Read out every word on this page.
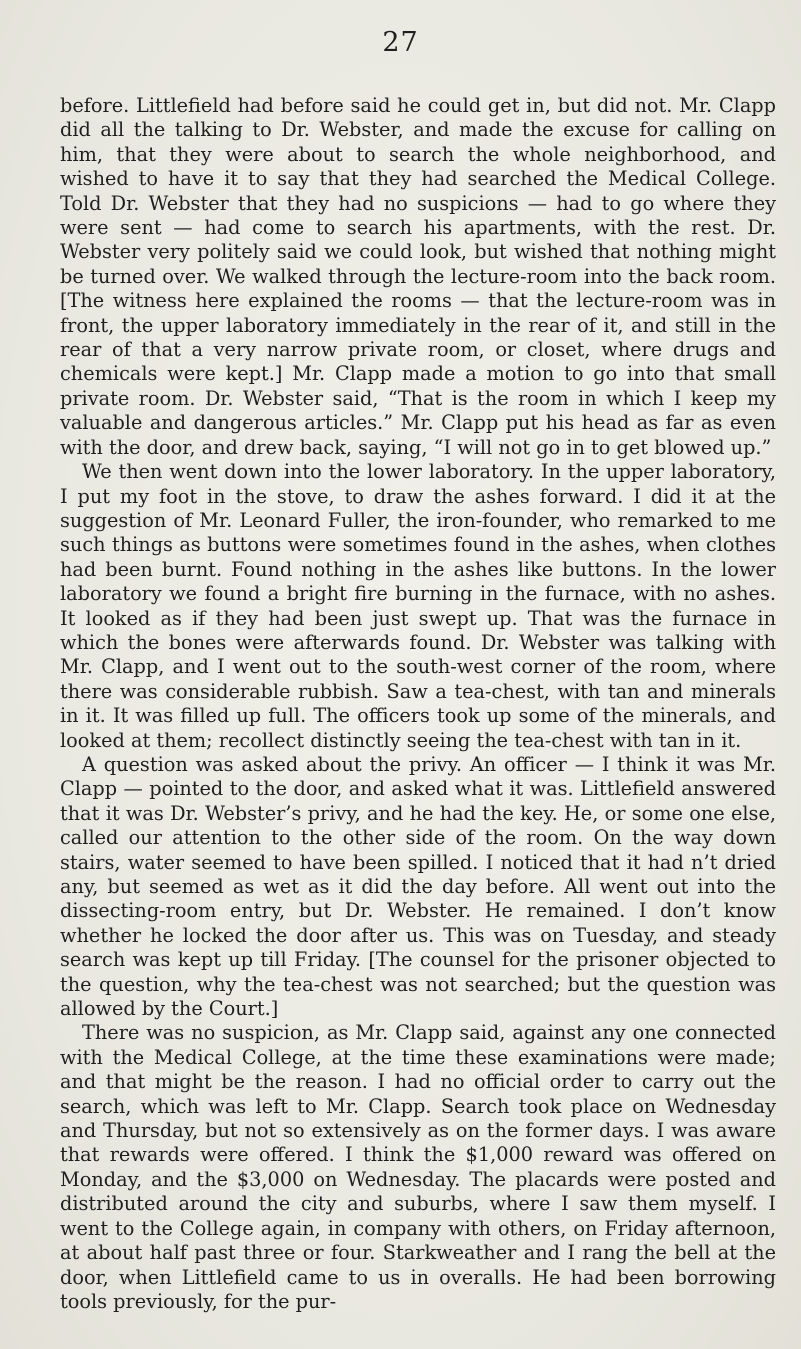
27

before. Littlefield had before said he could get in, but did not. Mr. Clapp did all the talking to Dr. Webster, and made the excuse for calling on him, that they were about to search the whole neighborhood, and wished to have it to say that they had searched the Medical College. Told Dr. Webster that they had no suspicions — had to go where they were sent — had come to search his apartments, with the rest. Dr. Webster very politely said we could look, but wished that nothing might be turned over. We walked through the lecture-room into the back room. [The witness here explained the rooms — that the lecture-room was in front, the upper laboratory immediately in the rear of it, and still in the rear of that a very narrow private room, or closet, where drugs and chemicals were kept.] Mr. Clapp made a motion to go into that small private room. Dr. Webster said, “That is the room in which I keep my valuable and dangerous articles.” Mr. Clapp put his head as far as even with the door, and drew back, saying, “I will not go in to get blowed up.”

We then went down into the lower laboratory. In the upper laboratory, I put my foot in the stove, to draw the ashes forward. I did it at the suggestion of Mr. Leonard Fuller, the iron-founder, who remarked to me such things as buttons were sometimes found in the ashes, when clothes had been burnt. Found nothing in the ashes like buttons. In the lower laboratory we found a bright fire burning in the furnace, with no ashes. It looked as if they had been just swept up. That was the furnace in which the bones were afterwards found. Dr. Webster was talking with Mr. Clapp, and I went out to the south-west corner of the room, where there was considerable rubbish. Saw a tea-chest, with tan and minerals in it. It was filled up full. The officers took up some of the minerals, and looked at them; recollect distinctly seeing the tea-chest with tan in it.

A question was asked about the privy. An officer — I think it was Mr. Clapp — pointed to the door, and asked what it was. Littlefield answered that it was Dr. Webster’s privy, and he had the key. He, or some one else, called our attention to the other side of the room. On the way down stairs, water seemed to have been spilled. I noticed that it had n’t dried any, but seemed as wet as it did the day before. All went out into the dissecting-room entry, but Dr. Webster. He remained. I don’t know whether he locked the door after us. This was on Tuesday, and steady search was kept up till Friday. [The counsel for the prisoner objected to the question, why the tea-chest was not searched; but the question was allowed by the Court.]

There was no suspicion, as Mr. Clapp said, against any one connected with the Medical College, at the time these examinations were made; and that might be the reason. I had no official order to carry out the search, which was left to Mr. Clapp. Search took place on Wednesday and Thursday, but not so extensively as on the former days. I was aware that rewards were offered. I think the $1,000 reward was offered on Monday, and the $3,000 on Wednesday. The placards were posted and distributed around the city and suburbs, where I saw them myself. I went to the College again, in company with others, on Friday afternoon, at about half past three or four. Starkweather and I rang the bell at the door, when Littlefield came to us in overalls. He had been borrowing tools previously, for the pur-
